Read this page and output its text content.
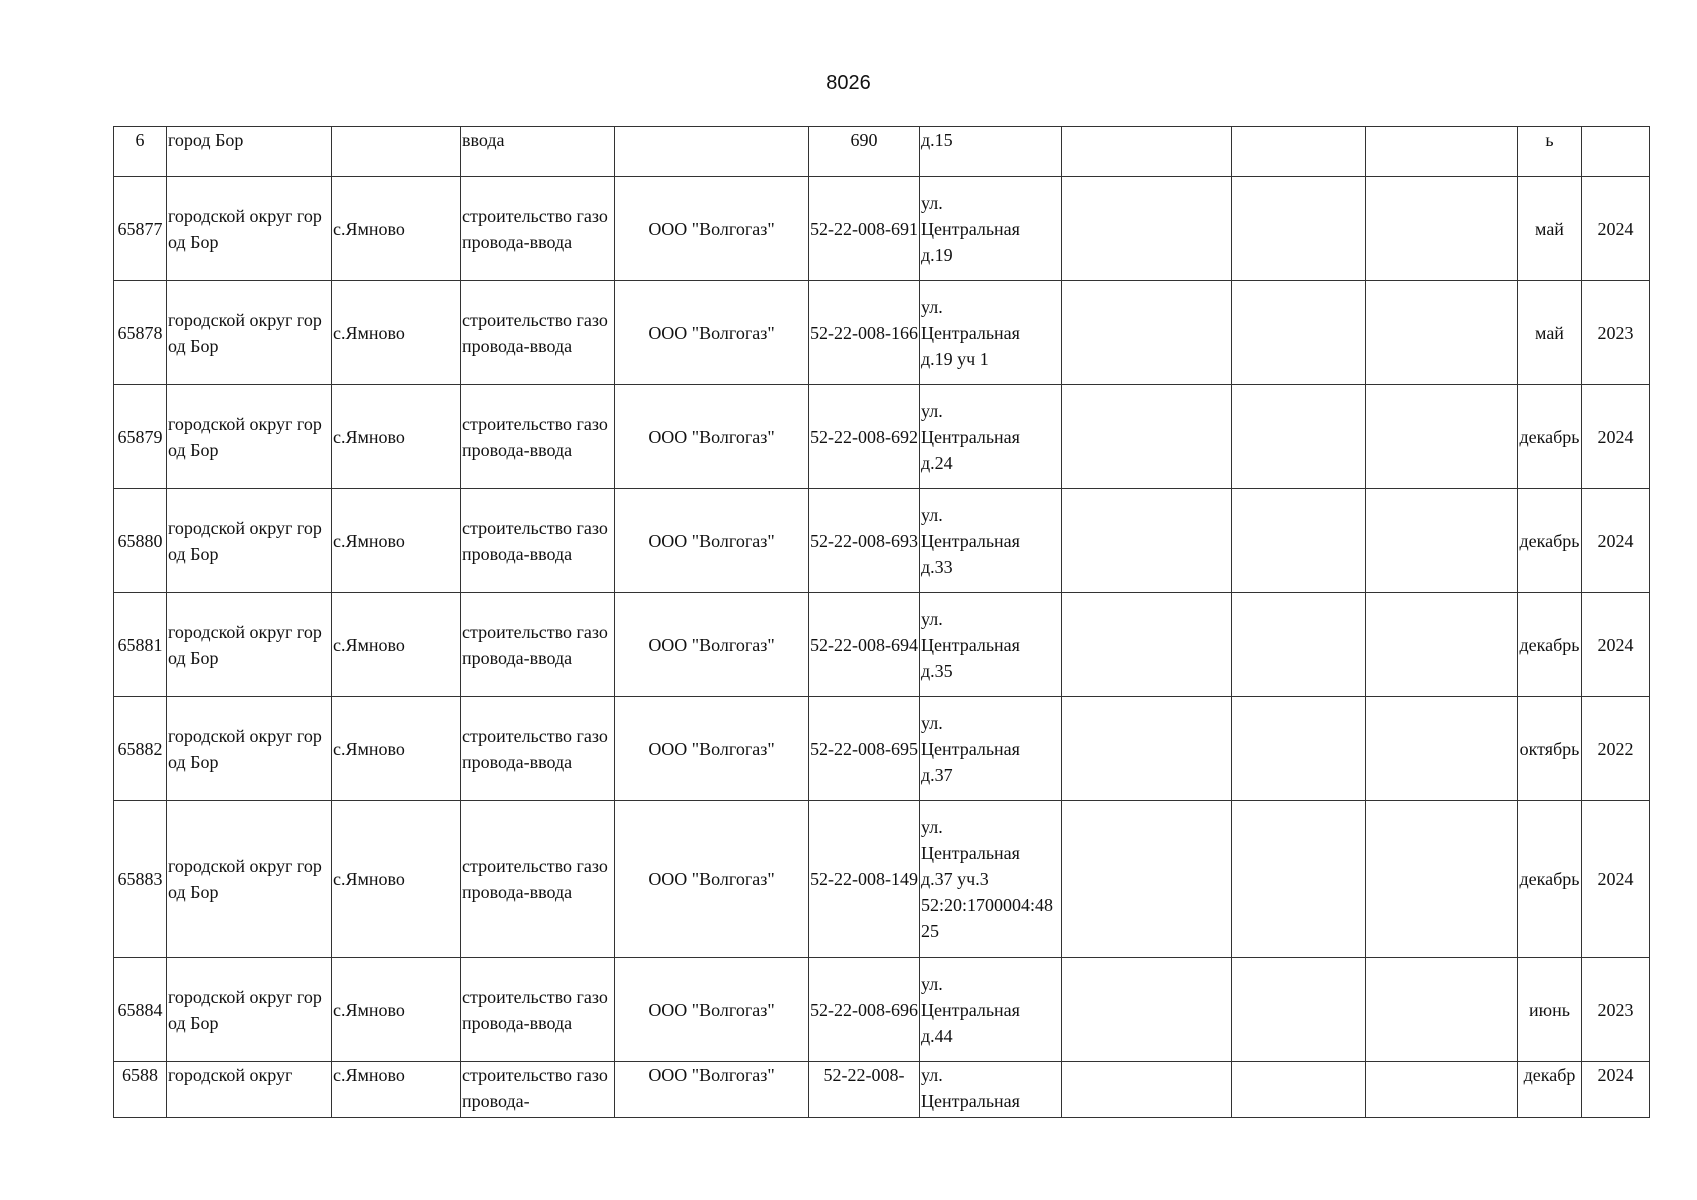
8026
6	город Бор		ввода		690	д.15				ь	
65877	городской округ город Бор	с.Ямново	строительство газопровода-ввода	ООО "Волгогаз"	52-22-008-691	ул.
Центральная
д.19				май	2024
65878	городской округ город Бор	с.Ямново	строительство газопровода-ввода	ООО "Волгогаз"	52-22-008-166	ул.
Центральная
д.19 уч 1				май	2023
65879	городской округ город Бор	с.Ямново	строительство газопровода-ввода	ООО "Волгогаз"	52-22-008-692	ул.
Центральная
д.24				декабрь	2024
65880	городской округ город Бор	с.Ямново	строительство газопровода-ввода	ООО "Волгогаз"	52-22-008-693	ул.
Центральная
д.33				декабрь	2024
65881	городской округ город Бор	с.Ямново	строительство газопровода-ввода	ООО "Волгогаз"	52-22-008-694	ул.
Центральная
д.35				декабрь	2024
65882	городской округ город Бор	с.Ямново	строительство газопровода-ввода	ООО "Волгогаз"	52-22-008-695	ул.
Центральная
д.37				октябрь	2022
65883	городской округ город Бор	с.Ямново	строительство газопровода-ввода	ООО "Волгогаз"	52-22-008-149	ул.
Центральная
д.37 уч.3
52:20:1700004:4825				декабрь	2024
65884	городской округ город Бор	с.Ямново	строительство газопровода-ввода	ООО "Волгогаз"	52-22-008-696	ул.
Центральная
д.44				июнь	2023
6588	городской округ	с.Ямново	строительство газопровода-	ООО "Волгогаз"	52-22-008-	ул.
Центральная				декабр	2024
